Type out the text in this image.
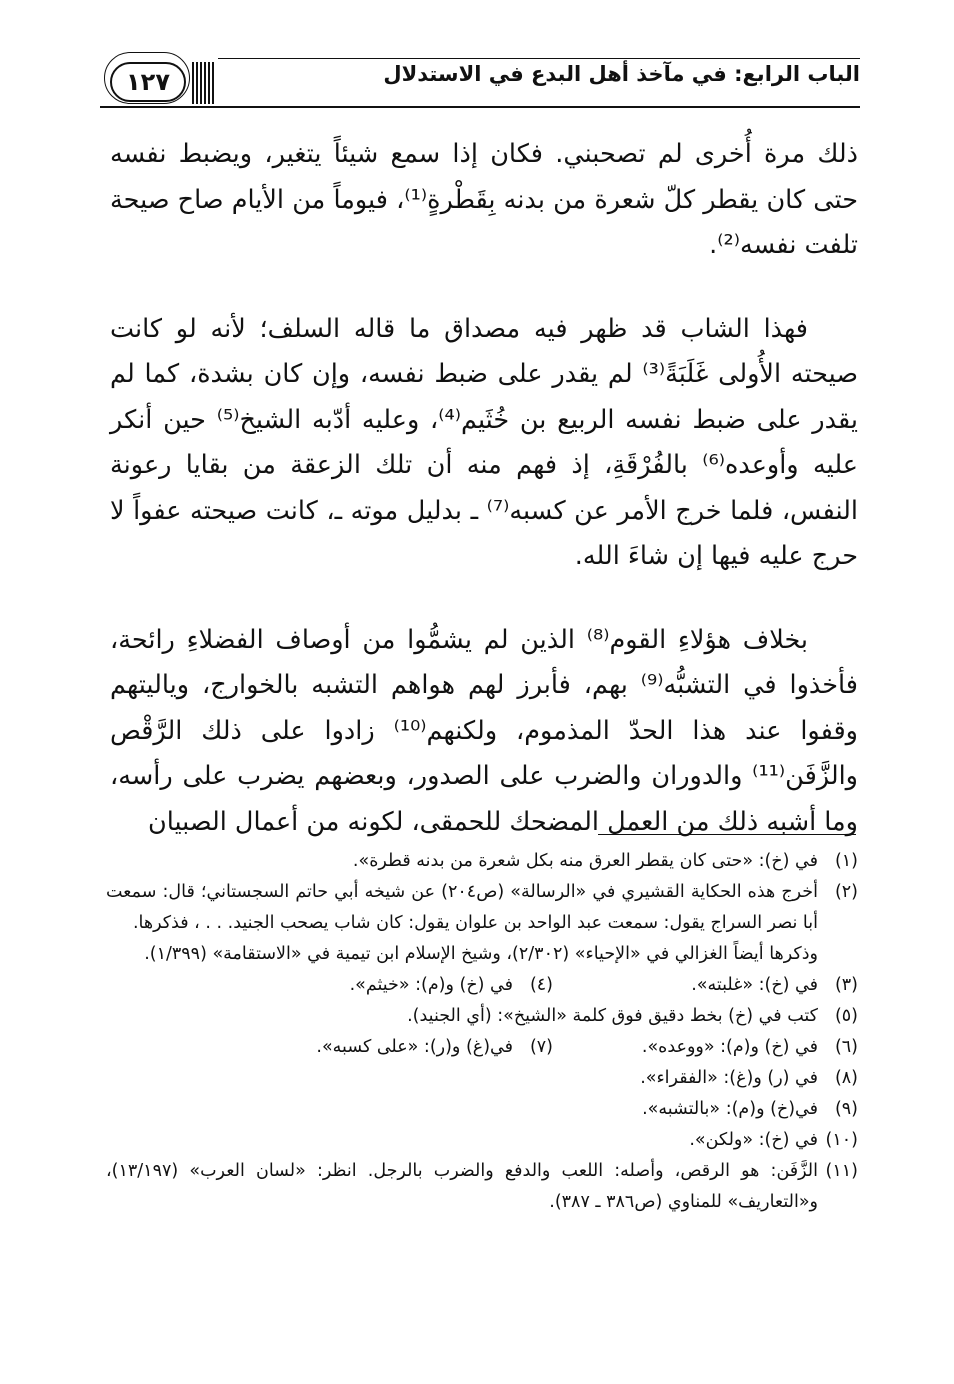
الباب الرابع: في مآخذ أهل البدع في الاستدلال
١٢٧

ذلك مرة أُخرى لم تصحبني. فكان إذا سمع شيئاً يتغير، ويضبط نفسه حتى كان يقطر كلّ شعرة من بدنه بِقَطْرةٍ⁽¹⁾، فيوماً من الأيام صاح صيحة تلفت نفسه⁽²⁾.

فهذا الشاب قد ظهر فيه مصداق ما قاله السلف؛ لأنه لو كانت صيحته الأُولى غَلَبَةً⁽³⁾ لم يقدر على ضبط نفسه، وإن كان بشدة، كما لم يقدر على ضبط نفسه الربيع بن خُثَيم⁽⁴⁾، وعليه أدّبه الشيخ⁽⁵⁾ حين أنكر عليه وأوعده⁽⁶⁾ بالفُرْقَةِ، إذ فهم منه أن تلك الزعقة من بقايا رعونة النفس، فلما خرج الأمر عن كسبه⁽⁷⁾ ـ بدليل موته ـ، كانت صيحته عفواً لا حرج عليه فيها إن شاءَ الله.

بخلاف هؤلاءِ القوم⁽⁸⁾ الذين لم يشمُّوا من أوصاف الفضلاءِ رائحة، فأخذوا في التشبُّه⁽⁹⁾ بهم، فأبرز لهم هواهم التشبه بالخوارج، وياليتهم وقفوا عند هذا الحدّ المذموم، ولكنهم⁽¹⁰⁾ زادوا على ذلك الرَّقْص والزَّفَن⁽¹¹⁾ والدوران والضرب على الصدور، وبعضهم يضرب على رأسه، وما أشبه ذلك من العمل المضحك للحمقى، لكونه من أعمال الصبيان

(١)
في (خ): «حتى كان يقطر العرق منه بكل شعرة من بدنه قطرة».
(٢)
أخرج هذه الحكاية القشيري في «الرسالة» (ص٢٠٤) عن شيخه أبي حاتم السجستاني؛ قال: سمعت أبا نصر السراج يقول: سمعت عبد الواحد بن علوان يقول: كان شاب يصحب الجنيد. . . ، فذكرها.
وذكرها أيضاً الغزالي في «الإحياء» (٢/٣٠٢)، وشيخ الإسلام ابن تيمية في «الاستقامة» (١/٣٩٩).
(٣)
في (خ): «غلبته».
(٤)
في (خ) و(م): «خيثم».
(٥)
كتب في (خ) بخط دقيق فوق كلمة «الشيخ»: (أي الجنيد).
(٦)
في (خ) و(م): «ووعده».
(٧)
في(غ) و(ر): «على كسبه».
(٨)
في (ر) و(غ): «الفقراء».
(٩)
في(خ) و(م): «بالتشبه».
(١٠)
في (خ): «ولكن».
(١١)
الزَّفَن: هو الرقص، وأصله: اللعب والدفع والضرب بالرجل. انظر: «لسان العرب» (١٣/١٩٧)، و«التعاريف» للمناوي (ص٣٨٦ ـ ٣٨٧).
